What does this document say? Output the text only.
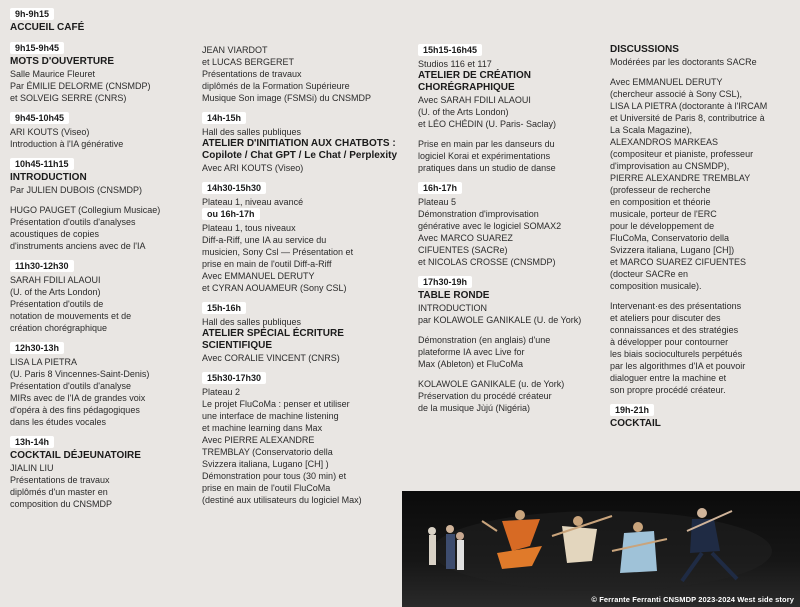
9h-9h15
ACCUEIL CAFÉ
9h15-9h45
MOTS D'OUVERTURE
Salle Maurice Fleuret
Par ÉMILIE DELORME (CNSMDP)
et SOLVEIG SERRE (CNRS)
9h45-10h45
ARI KOUTS (Viseo)
Introduction à l'IA générative
10h45-11h15
INTRODUCTION
Par JULIEN DUBOIS (CNSMDP)
HUGO PAUGET (Collegium Musicae)
Présentation d'outils d'analyses
acoustiques de copies
d'instruments anciens avec de l'IA
11h30-12h30
SARAH FDILI ALAOUI
(U. of the Arts London)
Présentation d'outils de
notation de mouvements et de
création chorégraphique
12h30-13h
LISA LA PIETRA
(U. Paris 8 Vincennes-Saint-Denis)
Présentation d'outils d'analyse
MIRs avec de l'IA de grandes voix
d'opéra à des fins pédagogiques
dans les études vocales
13h-14h
COCKTAIL DÉJEUNATOIRE
JIALIN LIU
Présentations de travaux
diplômés d'un master en
composition du CNSMDP
JEAN VIARDOT
et LUCAS BERGERET
Présentations de travaux
diplômés de la Formation Supérieure
Musique Son image (FSMSi) du CNSMDP
14h-15h
Hall des salles publiques
ATELIER D'INITIATION AUX CHATBOTS : Copilote / Chat GPT / Le Chat / Perplexity
Avec ARI KOUTS (Viseo)
14h30-15h30
Plateau 1, niveau avancé
ou 16h-17h
Plateau 1, tous niveaux
Diff-a-Riff, une IA au service du
musicien, Sony Csl — Présentation et
prise en main de l'outil Diff-a-Riff
Avec EMMANUEL DERUTY
et CYRAN AOUAMEUR (Sony CSL)
15h-16h
Hall des salles publiques
ATELIER SPÉCIAL ÉCRITURE SCIENTIFIQUE
Avec CORALIE VINCENT (CNRS)
15h30-17h30
Plateau 2
Le projet FluCoMa : penser et utiliser
une interface de machine listening
et machine learning dans Max
Avec PIERRE ALEXANDRE
TREMBLAY (Conservatorio della
Svizzera italiana, Lugano [CH] )
Démonstration pour tous (30 min) et
prise en main de l'outil FluCoMa
(destiné aux utilisateurs du logiciel Max)
15h15-16h45
Studios 116 et 117
ATELIER DE CRÉATION CHORÉGRAPHIQUE
Avec SARAH FDILI ALAOUI
(U. of the Arts London)
et LÉO CHÉDIN (U. Paris- Saclay)
Prise en main par les danseurs du
logiciel Korai et expérimentations
pratiques dans un studio de danse
16h-17h
Plateau 5
Démonstration d'improvisation
générative avec le logiciel SOMAX2
Avec MARCO SUAREZ
CIFUENTES (SACRe)
et NICOLAS CROSSE (CNSMDP)
17h30-19h
TABLE RONDE
INTRODUCTION
par KOLAWOLE GANIKALE (U. de York)
Démonstration (en anglais) d'une
plateforme IA avec Live for
Max (Ableton) et FluCoMa
KOLAWOLE GANIKALE (u. de York)
Préservation du procédé créateur
de la musique Jùjú (Nigéria)
DISCUSSIONS
Modérées par les doctorants SACRe
Avec EMMANUEL DERUTY
(chercheur associé à Sony CSL),
LISA LA PIETRA (doctorante à l'IRCAM
et Université de Paris 8, contributrice à
La Scala Magazine),
ALEXANDROS MARKEAS
(compositeur et pianiste, professeur
d'improvisation au CNSMDP),
PIERRE ALEXANDRE TREMBLAY
(professeur de recherche
en composition et théorie
musicale, porteur de l'ERC
pour le développement de
FluCoMa, Conservatorio della
Svizzera italiana, Lugano [CH])
et MARCO SUAREZ CIFUENTES
(docteur SACRe en
composition musicale).
Intervenant·es des présentations
et ateliers pour discuter des
connaissances et des stratégies
à développer pour contourner
les biais socioculturels perpétués
par les algorithmes d'IA et pouvoir
dialoguer entre la machine et
son propre procédé créateur.
19h-21h
COCKTAIL
© Ferrante Ferranti CNSMDP 2023-2024 West side story
